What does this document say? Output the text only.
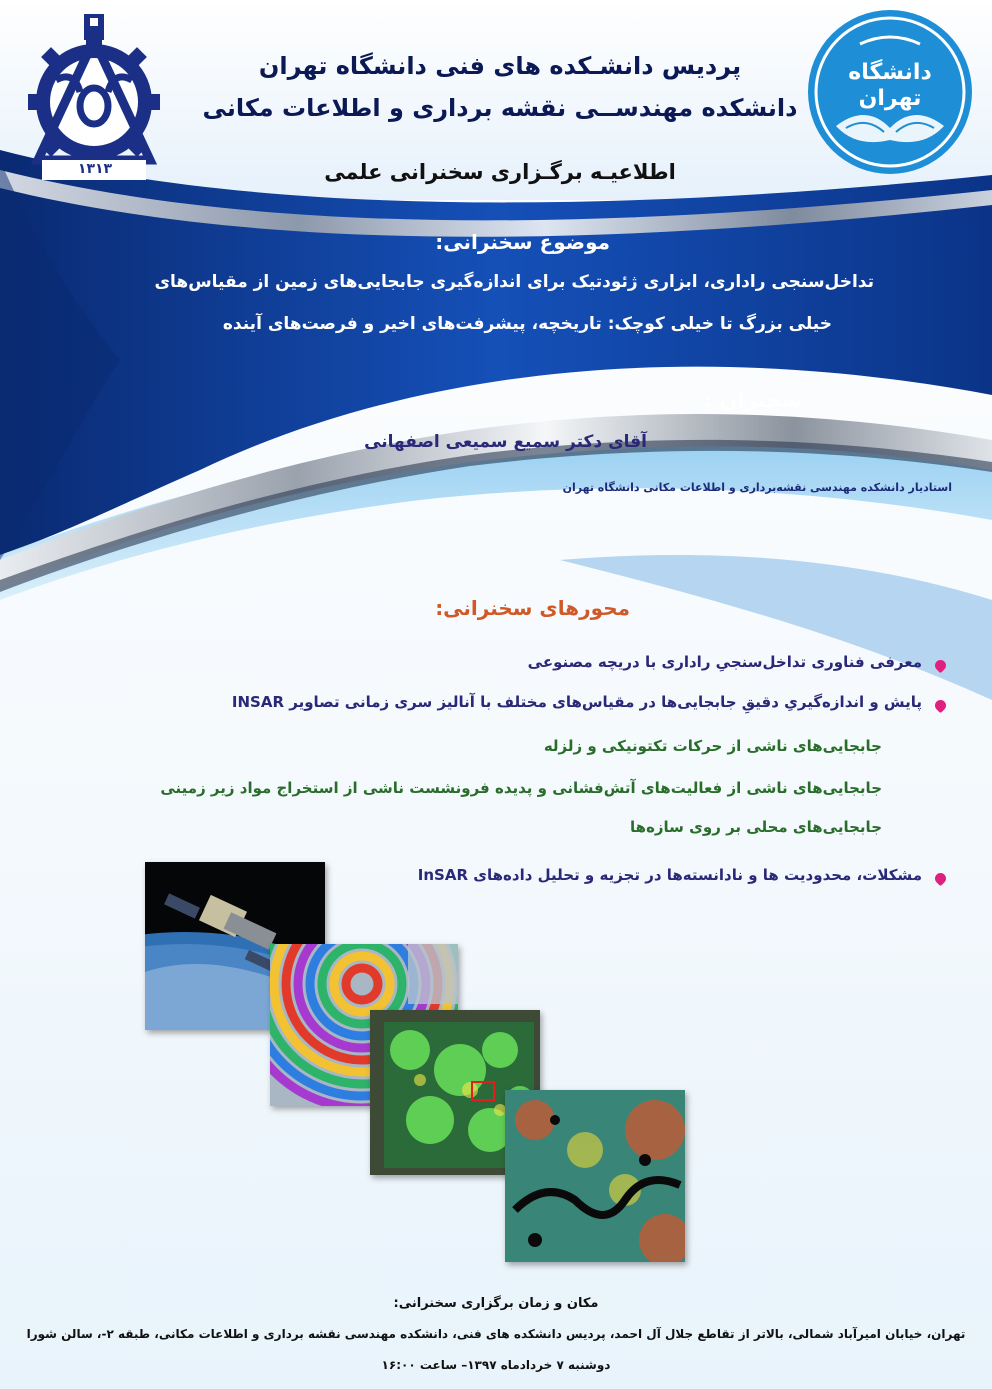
۱۳۱۳
دانشگاه تهران
پردیس دانشـکده های فنی دانشگاه تهران
دانشکده مهندســی نقشه برداری و اطلاعات مکانی
اطلاعیـه برگـزاری سخنرانی علمی
موضوع سخنرانی:
تداخل‌سنجی راداری، ابزاری ژئودتیک برای اندازه‌گیری جابجایی‌های زمین از مقیاس‌های
خیلی بزرگ تا خیلی کوچک: تاریخچه، پیشرفت‌های اخیر و فرصت‌های آینده
سخنران :
آقای دکتر سمیع سمیعی اصفهانی
استادیار دانشکده مهندسی نقشه‌برداری و اطلاعات مکانی دانشگاه تهران
محورهای سخنرانی:
معرفی فناوری تداخل‌سنجیِ راداری با دریچه مصنوعی
پایش و اندازه‌گیریِ دقیقِ جابجایی‌ها در مقیاس‌های مختلف با آنالیز سری زمانی تصاویر INSAR
جابجایی‌های ناشی از حرکات تکتونیکی و زلزله
جابجایی‌های ناشی از فعالیت‌های آتش‌فشانی و پدیده فرونشست ناشی از استخراج مواد زیر زمینی
جابجایی‌های محلی بر روی سازه‌ها
مشکلات، محدودیت ها و نادانسته‌ها در تجزیه و تحلیل داده‌های InSAR
مکان و زمان برگزاری سخنرانی:
تهران، خیابان امیرآباد شمالی، بالاتر از تقاطع جلال آل احمد، پردیس دانشکده های فنی، دانشکده مهندسی نقشه برداری و اطلاعات مکانی، طبقه ۲-، سالن شورا
دوشنبه ۷ خردادماه ۱۳۹۷– ساعت ۱۶:۰۰
